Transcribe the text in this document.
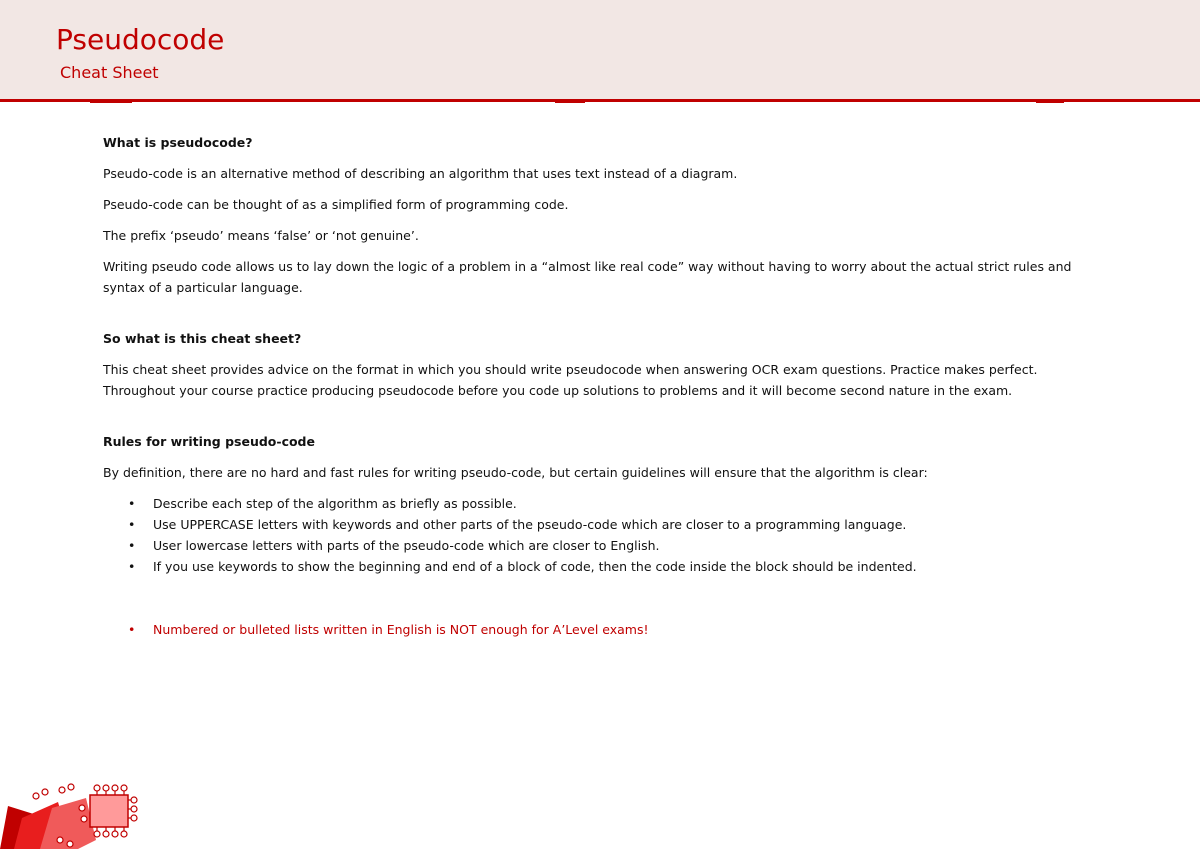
Pseudocode
Cheat Sheet
What is pseudocode?

Pseudo-code is an alternative method of describing an algorithm that uses text instead of a diagram.

Pseudo-code can be thought of as a simplified form of programming code.

The prefix ‘pseudo’ means ‘false’ or ‘not genuine’.

Writing pseudo code allows us to lay down the logic of a problem in a “almost like real code” way without having to worry about the actual strict rules and syntax of a particular language.

So what is this cheat sheet?

This cheat sheet provides advice on the format in which you should write pseudocode when answering OCR exam questions. Practice makes perfect. Throughout your course practice producing pseudocode before you code up solutions to problems and it will become second nature in the exam.

Rules for writing pseudo-code

By definition, there are no hard and fast rules for writing pseudo-code, but certain guidelines will ensure that the algorithm is clear:

• Describe each step of the algorithm as briefly as possible.
• Use UPPERCASE letters with keywords and other parts of the pseudo-code which are closer to a programming language.
• User lowercase letters with parts of the pseudo-code which are closer to English.
• If you use keywords to show the beginning and end of a block of code, then the code inside the block should be indented.
• Numbered or bulleted lists written in English is NOT enough for A’Level exams!
